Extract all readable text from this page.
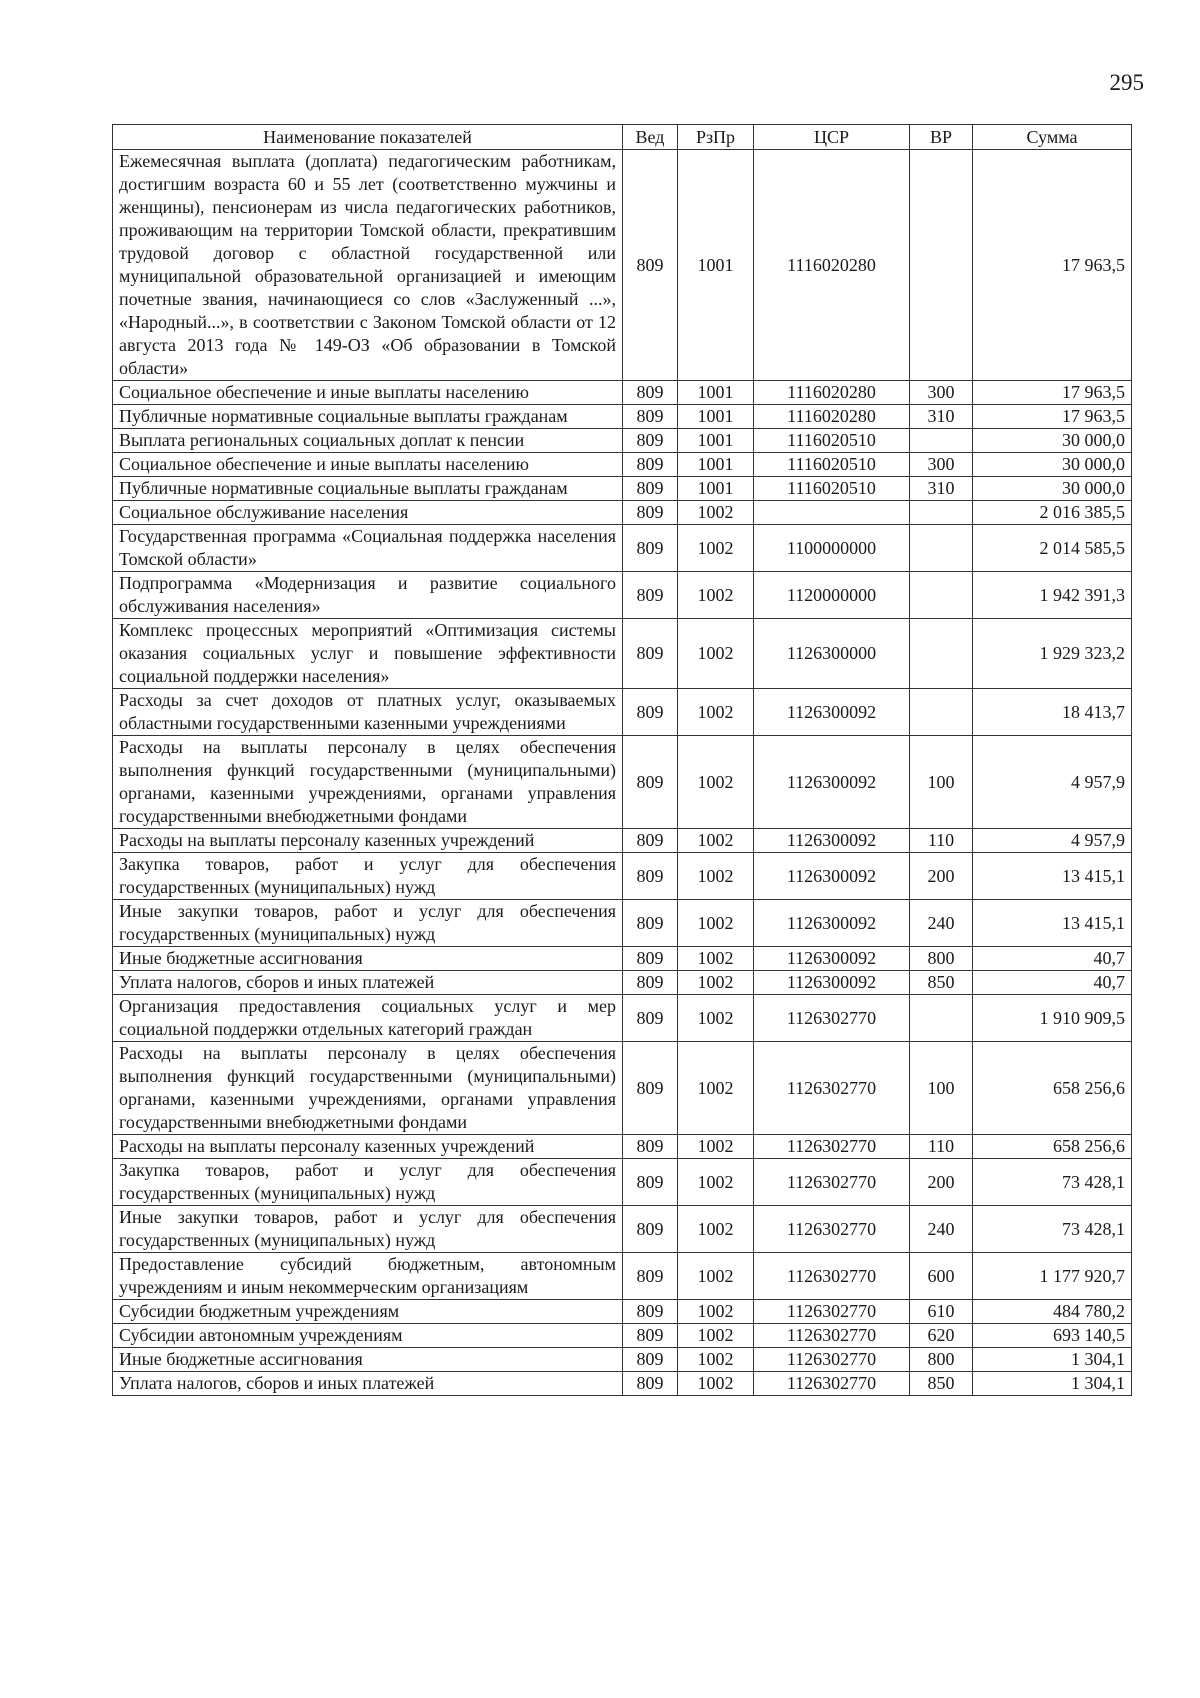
295
Наименование показателей	Вед	РзПр	ЦСР	ВР	Сумма
Ежемесячная выплата (доплата) педагогическим работникам, достигшим возраста 60 и 55 лет (соответственно мужчины и женщины), пенсионерам из числа педагогических работников, проживающим на территории Томской области, прекратившим трудовой договор с областной государственной или муниципальной образовательной организацией и имеющим почетные звания, начинающиеся со слов «Заслуженный ...», «Народный...», в соответствии с Законом Томской области от 12 августа 2013 года № 149-ОЗ «Об образовании в Томской области»	809	1001	1116020280		17 963,5
Социальное обеспечение и иные выплаты населению	809	1001	1116020280	300	17 963,5
Публичные нормативные социальные выплаты гражданам	809	1001	1116020280	310	17 963,5
Выплата региональных социальных доплат к пенсии	809	1001	1116020510		30 000,0
Социальное обеспечение и иные выплаты населению	809	1001	1116020510	300	30 000,0
Публичные нормативные социальные выплаты гражданам	809	1001	1116020510	310	30 000,0
Социальное обслуживание населения	809	1002			2 016 385,5
Государственная программа «Социальная поддержка населения Томской области»	809	1002	1100000000		2 014 585,5
Подпрограмма «Модернизация и развитие социального обслуживания населения»	809	1002	1120000000		1 942 391,3
Комплекс процессных мероприятий «Оптимизация системы оказания социальных услуг и повышение эффективности социальной поддержки населения»	809	1002	1126300000		1 929 323,2
Расходы за счет доходов от платных услуг, оказываемых областными государственными казенными учреждениями	809	1002	1126300092		18 413,7
Расходы на выплаты персоналу в целях обеспечения выполнения функций государственными (муниципальными) органами, казенными учреждениями, органами управления государственными внебюджетными фондами	809	1002	1126300092	100	4 957,9
Расходы на выплаты персоналу казенных учреждений	809	1002	1126300092	110	4 957,9
Закупка товаров, работ и услуг для обеспечения государственных (муниципальных) нужд	809	1002	1126300092	200	13 415,1
Иные закупки товаров, работ и услуг для обеспечения государственных (муниципальных) нужд	809	1002	1126300092	240	13 415,1
Иные бюджетные ассигнования	809	1002	1126300092	800	40,7
Уплата налогов, сборов и иных платежей	809	1002	1126300092	850	40,7
Организация предоставления социальных услуг и мер социальной поддержки отдельных категорий граждан	809	1002	1126302770		1 910 909,5
Расходы на выплаты персоналу в целях обеспечения выполнения функций государственными (муниципальными) органами, казенными учреждениями, органами управления государственными внебюджетными фондами	809	1002	1126302770	100	658 256,6
Расходы на выплаты персоналу казенных учреждений	809	1002	1126302770	110	658 256,6
Закупка товаров, работ и услуг для обеспечения государственных (муниципальных) нужд	809	1002	1126302770	200	73 428,1
Иные закупки товаров, работ и услуг для обеспечения государственных (муниципальных) нужд	809	1002	1126302770	240	73 428,1
Предоставление субсидий бюджетным, автономным учреждениям и иным некоммерческим организациям	809	1002	1126302770	600	1 177 920,7
Субсидии бюджетным учреждениям	809	1002	1126302770	610	484 780,2
Субсидии автономным учреждениям	809	1002	1126302770	620	693 140,5
Иные бюджетные ассигнования	809	1002	1126302770	800	1 304,1
Уплата налогов, сборов и иных платежей	809	1002	1126302770	850	1 304,1
